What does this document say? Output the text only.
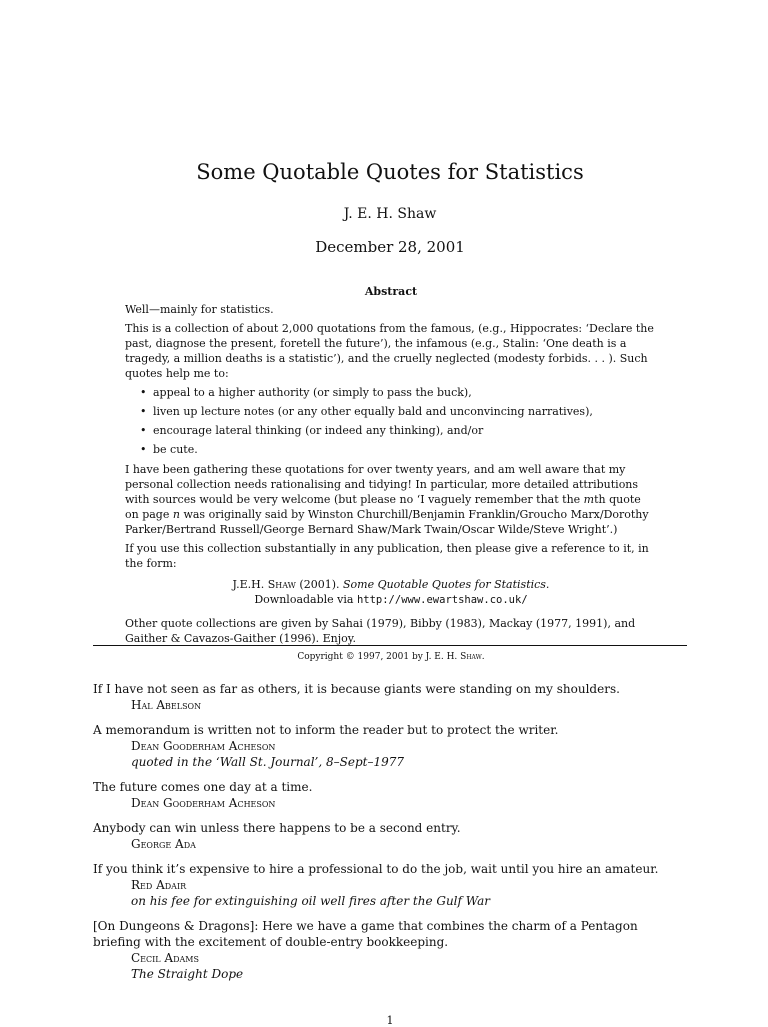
Some Quotable Quotes for Statistics
J. E. H. Shaw
December 28, 2001
Abstract

Well—mainly for statistics.

This is a collection of about 2,000 quotations from the famous, (e.g., Hippocrates: ‘Declare the past, diagnose the present, foretell the future’), the infamous (e.g., Stalin: ‘One death is a tragedy, a million deaths is a statistic’), and the cruelly neglected (modesty forbids. . . ). Such quotes help me to:

• appeal to a higher authority (or simply to pass the buck),
• liven up lecture notes (or any other equally bald and unconvincing narratives),
• encourage lateral thinking (or indeed any thinking), and/or
• be cute.

I have been gathering these quotations for over twenty years, and am well aware that my personal collection needs rationalising and tidying! In particular, more detailed attributions with sources would be very welcome (but please no ‘I vaguely remember that the mth quote on page n was originally said by Winston Churchill/Benjamin Franklin/Groucho Marx/Dorothy Parker/Bertrand Russell/George Bernard Shaw/Mark Twain/Oscar Wilde/Steve Wright’.)

If you use this collection substantially in any publication, then please give a reference to it, in the form:

J.E.H. Shaw (2001). Some Quotable Quotes for Statistics.
Downloadable via http://www.ewartshaw.co.uk/

Other quote collections are given by Sahai (1979), Bibby (1983), Mackay (1977, 1991), and Gaither & Cavazos-Gaither (1996). Enjoy.

Copyright © 1997, 2001 by J. E. H. Shaw.

If I have not seen as far as others, it is because giants were standing on my shoulders.

Hal Abelson

A memorandum is written not to inform the reader but to protect the writer.

Dean Gooderham Acheson

quoted in the ‘Wall St. Journal’, 8–Sept–1977

The future comes one day at a time.

Dean Gooderham Acheson

Anybody can win unless there happens to be a second entry.

George Ada

If you think it’s expensive to hire a professional to do the job, wait until you hire an amateur.

Red Adair

on his fee for extinguishing oil well fires after the Gulf War

[On Dungeons & Dragons]: Here we have a game that combines the charm of a Pentagon briefing with the excitement of double-entry bookkeeping.

Cecil Adams

The Straight Dope

1
